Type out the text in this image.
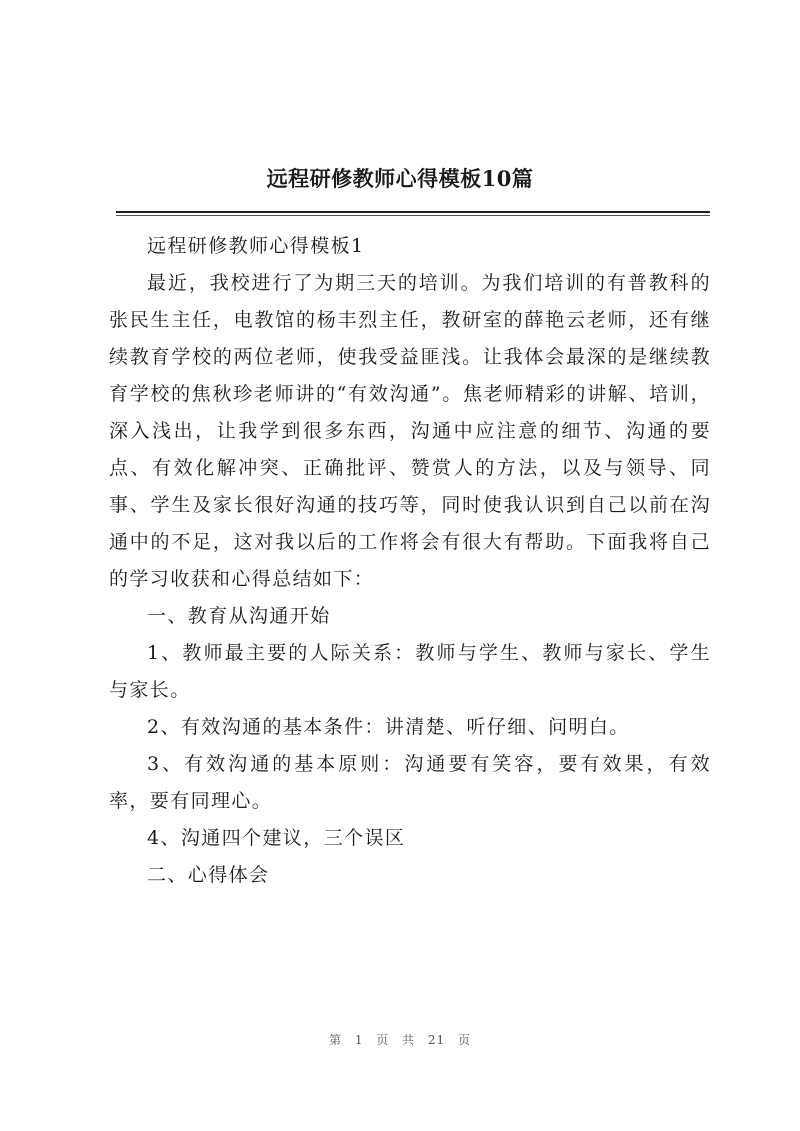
远程研修教师心得模板10篇

远程研修教师心得模板1

最近，我校进行了为期三天的培训。为我们培训的有普教科的张民生主任，电教馆的杨丰烈主任，教研室的薛艳云老师，还有继续教育学校的两位老师，使我受益匪浅。让我体会最深的是继续教育学校的焦秋珍老师讲的“有效沟通”。焦老师精彩的讲解、培训，深入浅出，让我学到很多东西，沟通中应注意的细节、沟通的要点、有效化解冲突、正确批评、赞赏人的方法，以及与领导、同事、学生及家长很好沟通的技巧等，同时使我认识到自己以前在沟通中的不足，这对我以后的工作将会有很大有帮助。下面我将自己的学习收获和心得总结如下：

一、教育从沟通开始

1、教师最主要的人际关系：教师与学生、教师与家长、学生与家长。

2、有效沟通的基本条件：讲清楚、听仔细、问明白。

3、有效沟通的基本原则：沟通要有笑容，要有效果，有效率，要有同理心。

4、沟通四个建议，三个误区

二、心得体会

第 1 页 共 21 页
